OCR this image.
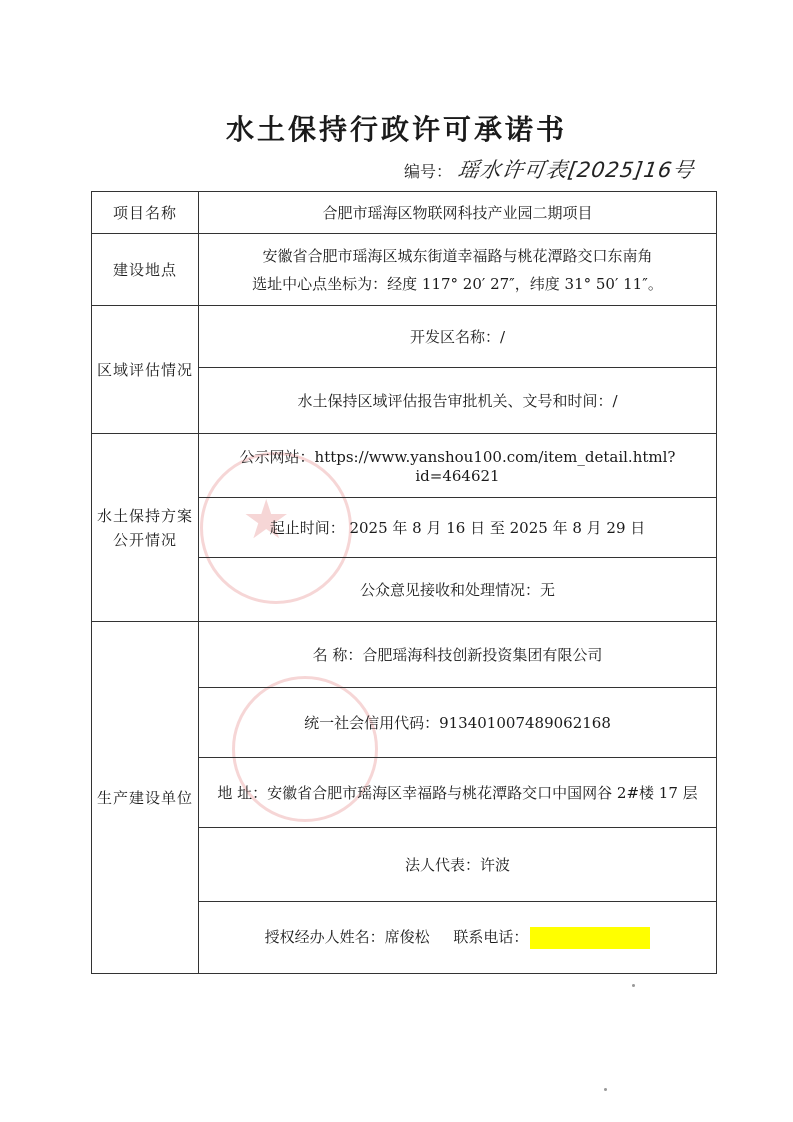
水土保持行政许可承诺书
编号： 瑶水许可表[2025]16号
★
项目名称	合肥市瑶海区物联网科技产业园二期项目
建设地点	安徽省合肥市瑶海区城东街道幸福路与桃花潭路交口东南角
选址中心点坐标为：经度 117° 20′ 27″，纬度 31° 50′ 11″。

区域评估情况	开发区名称：/
	水土保持区域评估报告审批机关、文号和时间：/

水土保持方案
公开情况	公示网站：https://www.yanshou100.com/item_detail.html?id=464621
	起止时间： 2025 年 8 月 16 日 至 2025 年 8 月 29 日
	公众意见接收和处理情况：无
生产建设单位	名 称：合肥瑶海科技创新投资集团有限公司
	统一社会信用代码：913401007489062168
	地 址：安徽省合肥市瑶海区幸福路与桃花潭路交口中国网谷 2#楼 17 层
	法人代表：许波
	授权经办人姓名：席俊松 联系电话：
